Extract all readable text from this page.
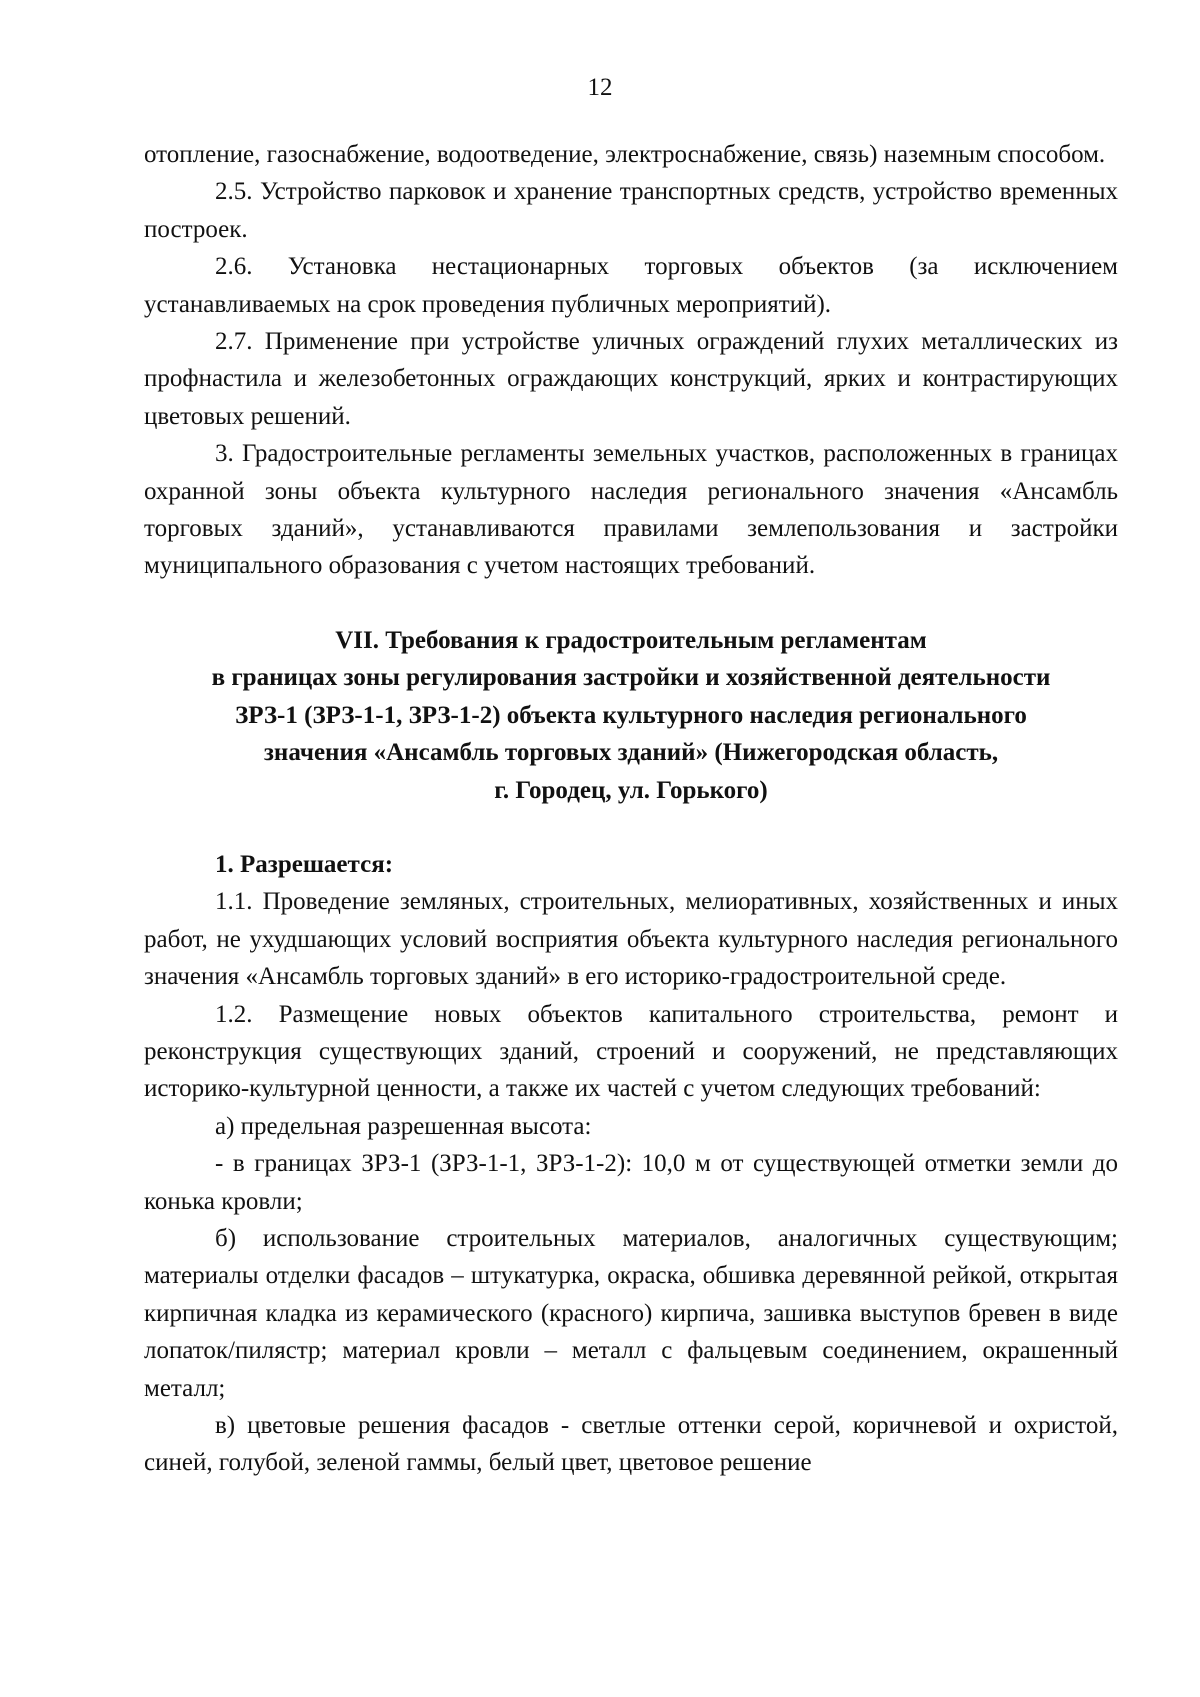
12

отопление, газоснабжение, водоотведение, электроснабжение, связь) наземным способом.

2.5. Устройство парковок и хранение транспортных средств, устройство временных построек.

2.6. Установка нестационарных торговых объектов (за исключением устанавливаемых на срок проведения публичных мероприятий).

2.7. Применение при устройстве уличных ограждений глухих металлических из профнастила и железобетонных ограждающих конструкций, ярких и контрастирующих цветовых решений.

3. Градостроительные регламенты земельных участков, расположенных в границах охранной зоны объекта культурного наследия регионального значения «Ансамбль торговых зданий», устанавливаются правилами землепользования и застройки муниципального образования с учетом настоящих требований.

VII. Требования к градостроительным регламентам
в границах зоны регулирования застройки и хозяйственной деятельности
ЗРЗ-1 (ЗРЗ-1-1, ЗРЗ-1-2) объекта культурного наследия регионального
значения «Ансамбль торговых зданий» (Нижегородская область,
г. Городец, ул. Горького)

1. Разрешается:

1.1. Проведение земляных, строительных, мелиоративных, хозяйственных и иных работ, не ухудшающих условий восприятия объекта культурного наследия регионального значения «Ансамбль торговых зданий» в его историко-градостроительной среде.

1.2. Размещение новых объектов капитального строительства, ремонт и реконструкция существующих зданий, строений и сооружений, не представляющих историко-культурной ценности, а также их частей с учетом следующих требований:

а) предельная разрешенная высота:

- в границах ЗРЗ-1 (ЗРЗ-1-1, ЗРЗ-1-2): 10,0 м от существующей отметки земли до конька кровли;

б) использование строительных материалов, аналогичных существующим; материалы отделки фасадов – штукатурка, окраска, обшивка деревянной рейкой, открытая кирпичная кладка из керамического (красного) кирпича, зашивка выступов бревен в виде лопаток/пилястр; материал кровли – металл с фальцевым соединением, окрашенный металл;

в) цветовые решения фасадов - светлые оттенки серой, коричневой и охристой, синей, голубой, зеленой гаммы, белый цвет, цветовое решение
